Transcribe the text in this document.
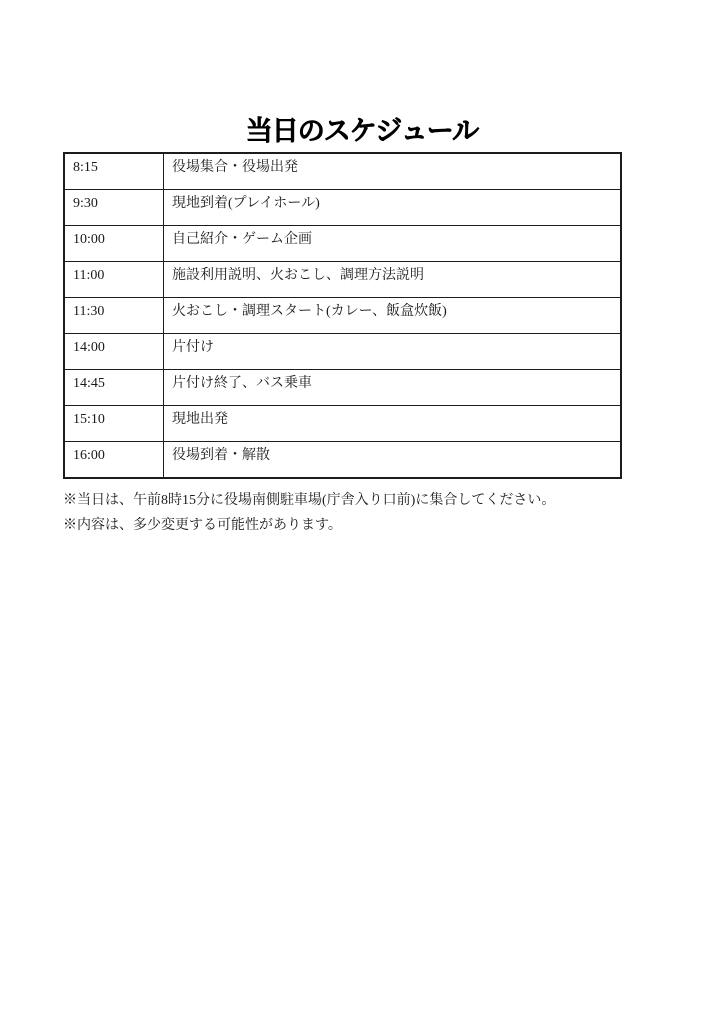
当日のスケジュール
8:15	役場集合・役場出発
9:30	現地到着(プレイホール)
10:00	自己紹介・ゲーム企画
11:00	施設利用説明、火おこし、調理方法説明
11:30	火おこし・調理スタート(カレー、飯盒炊飯)
14:00	片付け
14:45	片付け終了、バス乗車
15:10	現地出発
16:00	役場到着・解散

※当日は、午前8時15分に役場南側駐車場(庁舎入り口前)に集合してください。

※内容は、多少変更する可能性があります。
